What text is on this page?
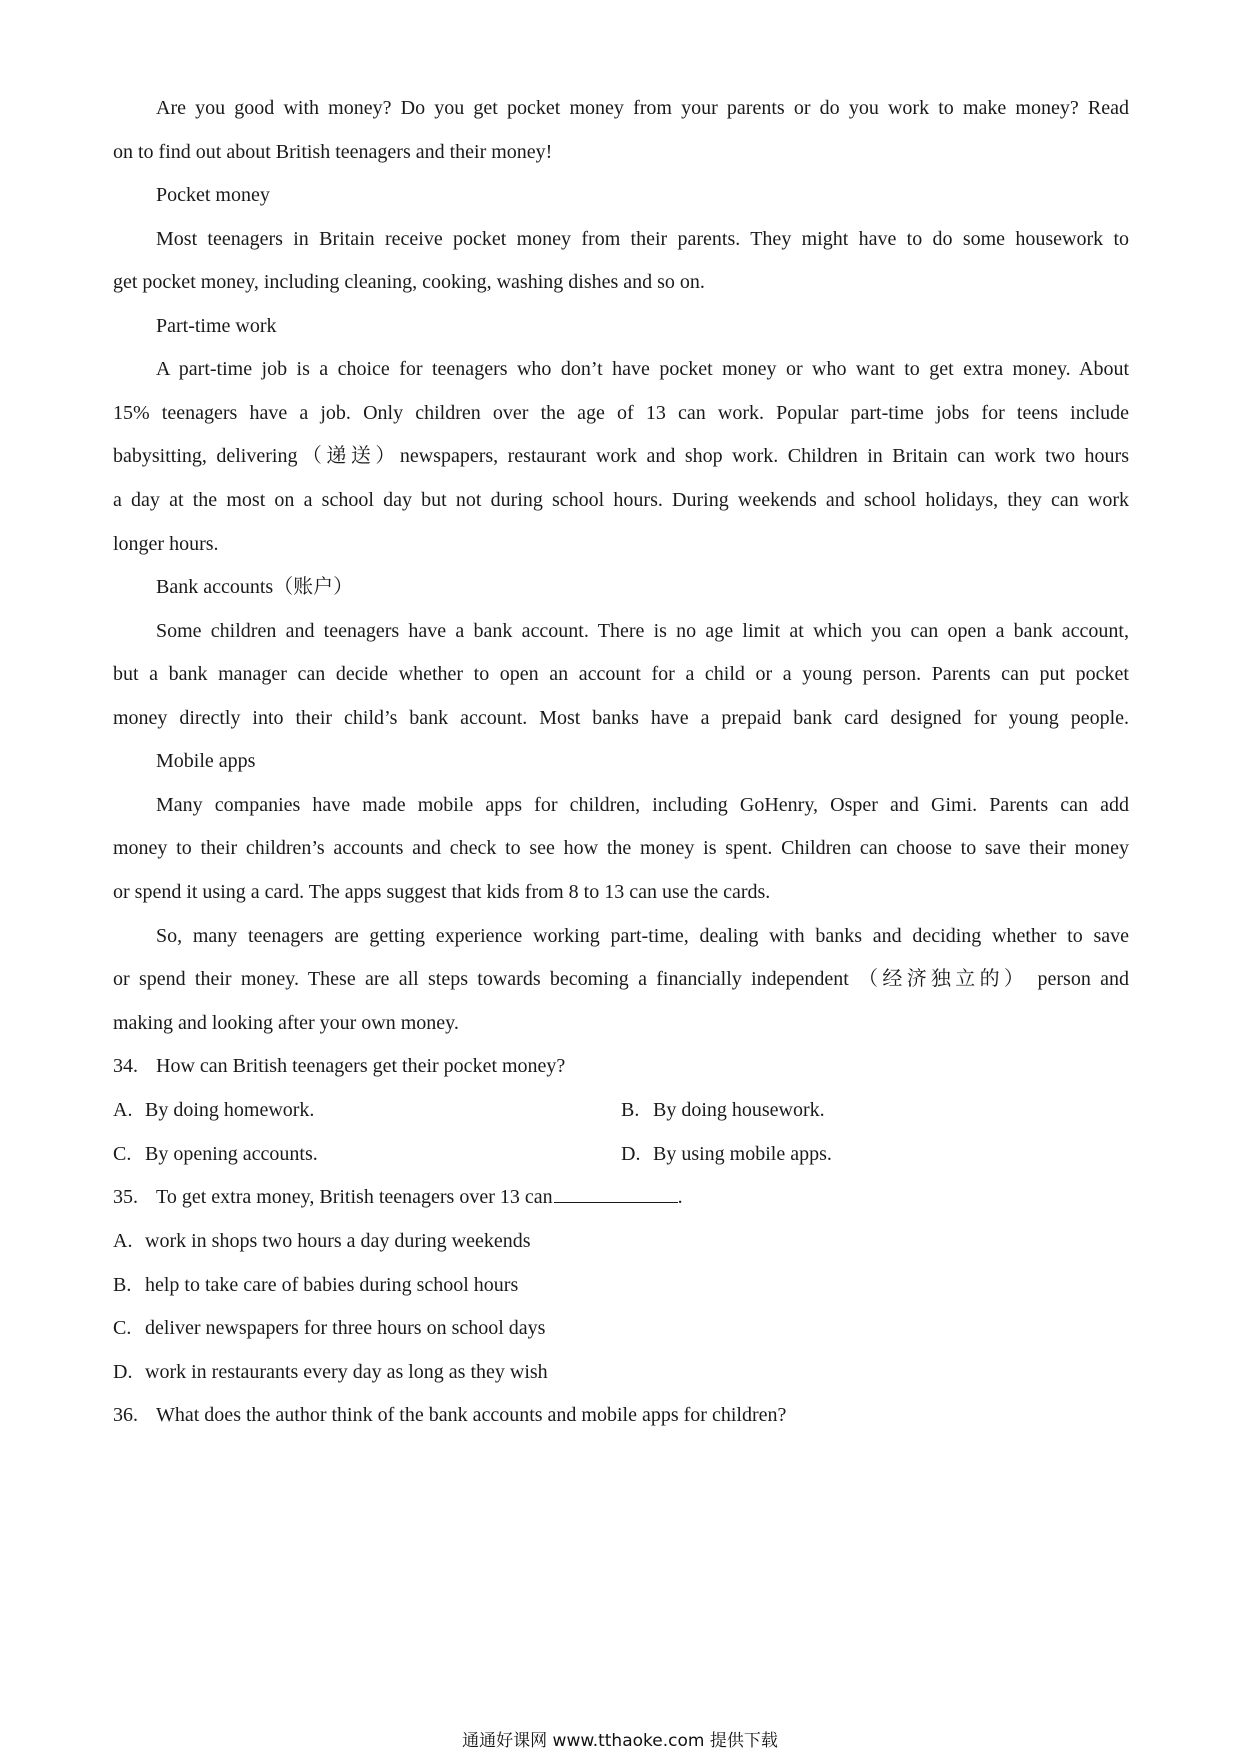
Are you good with money? Do you get pocket money from your parents or do you work to make money? Read
on to find out about British teenagers and their money!
Pocket money
Most teenagers in Britain receive pocket money from their parents. They might have to do some housework to
get pocket money, including cleaning, cooking, washing dishes and so on.
Part-time work
A part-time job is a choice for teenagers who don’t have pocket money or who want to get extra money. About
15% teenagers have a job. Only children over the age of 13 can work. Popular part-time jobs for teens include
babysitting, delivering（递送）newspapers, restaurant work and shop work. Children in Britain can work two hours
a day at the most on a school day but not during school hours. During weekends and school holidays, they can work
longer hours.
Bank accounts（账户）
Some children and teenagers have a bank account. There is no age limit at which you can open a bank account,
but a bank manager can decide whether to open an account for a child or a young person. Parents can put pocket
money directly into their child’s bank account. Most banks have a prepaid bank card designed for young people.
Mobile apps
Many companies have made mobile apps for children, including GoHenry, Osper and Gimi. Parents can add
money to their children’s accounts and check to see how the money is spent. Children can choose to save their money
or spend it using a card. The apps suggest that kids from 8 to 13 can use the cards.
So, many teenagers are getting experience working part-time, dealing with banks and deciding whether to save
or spend their money. These are all steps towards becoming a financially independent （经济独立的） person and
making and looking after your own money.
34. How can British teenagers get their pocket money?
A. By doing homework.	B. By doing housework.
C. By opening accounts.	D. By using mobile apps.
35. To get extra money, British teenagers over 13 can	.
A. work in shops two hours a day during weekends
B. help to take care of babies during school hours
C. deliver newspapers for three hours on school days
D. work in restaurants every day as long as they wish
36. What does the author think of the bank accounts and mobile apps for children?
通通好课网 www.tthaoke.com 提供下载
